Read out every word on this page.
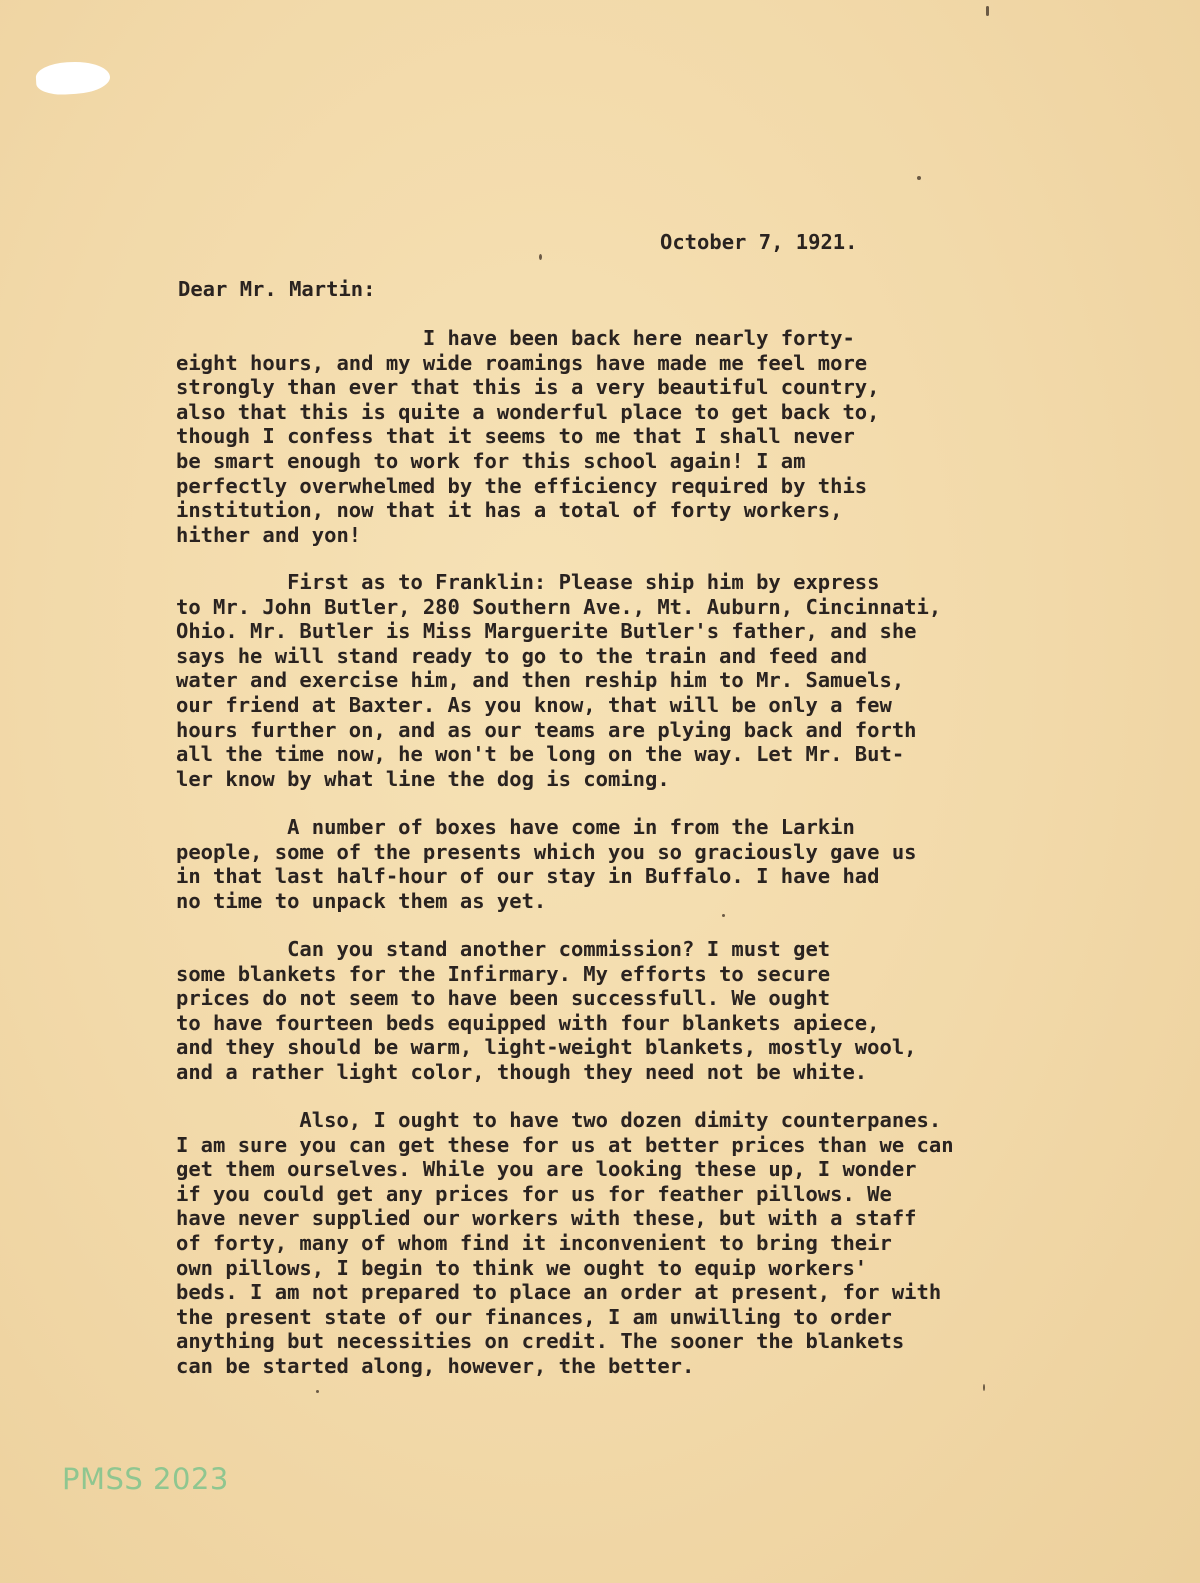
October 7, 1921.
Dear Mr. Martin:
I have been back here nearly forty-
eight hours, and my wide roamings have made me feel more
strongly than ever that this is a very beautiful country,
also that this is quite a wonderful place to get back to,
though I confess that it seems to me that I shall never
be smart enough to work for this school again! I am
perfectly overwhelmed by the efficiency required by this
institution, now that it has a total of forty workers,
hither and yon!
First as to Franklin: Please ship him by express
to Mr. John Butler, 280 Southern Ave., Mt. Auburn, Cincinnati,
Ohio. Mr. Butler is Miss Marguerite Butler's father, and she
says he will stand ready to go to the train and feed and
water and exercise him, and then reship him to Mr. Samuels,
our friend at Baxter. As you know, that will be only a few
hours further on, and as our teams are plying back and forth
all the time now, he won't be long on the way. Let Mr. But-
ler know by what line the dog is coming.
A number of boxes have come in from the Larkin
people, some of the presents which you so graciously gave us
in that last half-hour of our stay in Buffalo. I have had
no time to unpack them as yet.
Can you stand another commission? I must get
some blankets for the Infirmary. My efforts to secure
prices do not seem to have been successfull. We ought
to have fourteen beds equipped with four blankets apiece,
and they should be warm, light-weight blankets, mostly wool,
and a rather light color, though they need not be white.
Also, I ought to have two dozen dimity counterpanes.
I am sure you can get these for us at better prices than we can
get them ourselves. While you are looking these up, I wonder
if you could get any prices for us for feather pillows. We
have never supplied our workers with these, but with a staff
of forty, many of whom find it inconvenient to bring their
own pillows, I begin to think we ought to equip workers'
beds. I am not prepared to place an order at present, for with
the present state of our finances, I am unwilling to order
anything but necessities on credit. The sooner the blankets
can be started along, however, the better.
PMSS 2023
